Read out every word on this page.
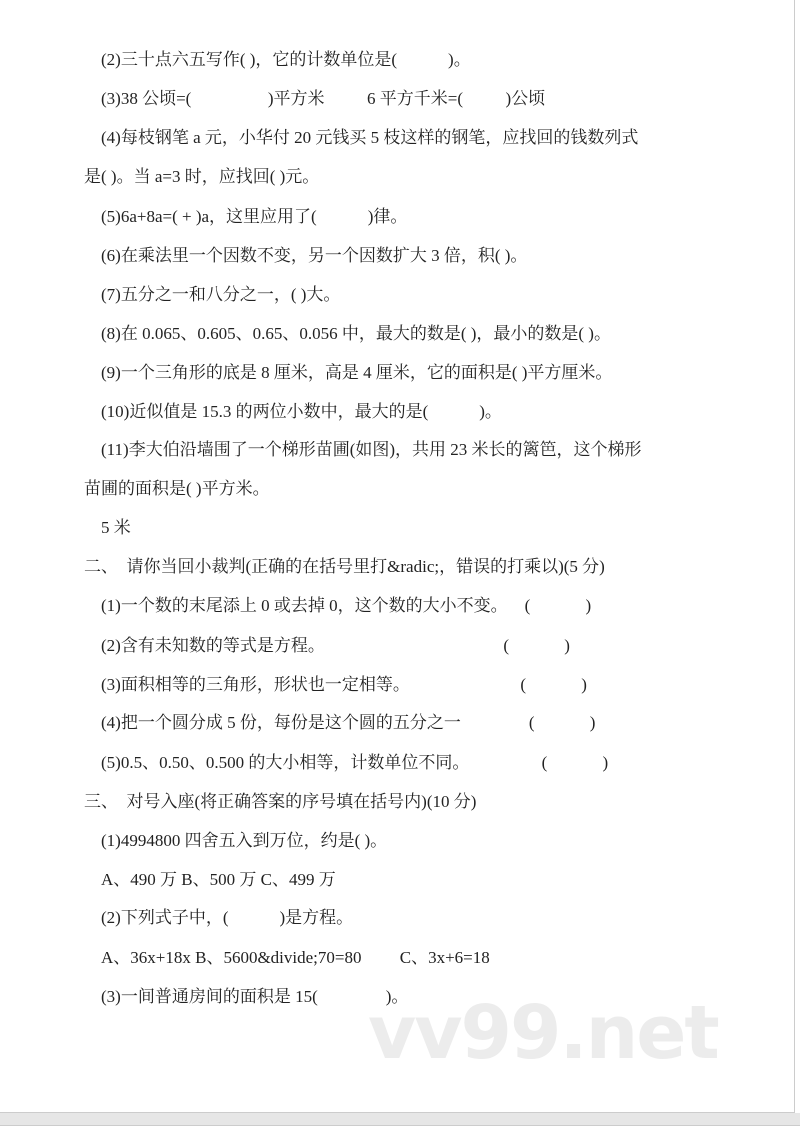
(2)三十点六五写作( )，它的计数单位是(            )。
(3)38 公顷=(                  )平方米          6 平方千米=(          )公顷
(4)每枝钢笔 a 元，小华付 20 元钱买 5 枝这样的钢笔，应找回的钱数列式
是( )。当 a=3 时，应找回( )元。
(5)6a+8a=( + )a，这里应用了(            )律。
(6)在乘法里一个因数不变，另一个因数扩大 3 倍，积( )。
(7)五分之一和八分之一，( )大。
(8)在 0.065、0.605、0.65、0.056 中，最大的数是( )，最小的数是( )。
(9)一个三角形的底是 8 厘米，高是 4 厘米，它的面积是( )平方厘米。
(10)近似值是 15.3 的两位小数中，最大的是(            )。
(11)李大伯沿墙围了一个梯形苗圃(如图)，共用 23 米长的篱笆，这个梯形
苗圃的面积是( )平方米。
5 米
二、  请你当回小裁判(正确的在括号里打&radic;，错误的打乘以)(5 分)
(1)一个数的末尾添上 0 或去掉 0，这个数的大小不变。    (             )
(2)含有未知数的等式是方程。                                          (             )
(3)面积相等的三角形，形状也一定相等。                          (             )
(4)把一个圆分成 5 份，每份是这个圆的五分之一                (             )
(5)0.5、0.50、0.500 的大小相等，计数单位不同。                 (             )
三、  对号入座(将正确答案的序号填在括号内)(10 分)
(1)4994800 四舍五入到万位，约是( )。
A、490 万 B、500 万 C、499 万
(2)下列式子中，(            )是方程。
A、36x+18x B、5600&divide;70=80         C、3x+6=18
(3)一间普通房间的面积是 15(                )。
vv99.net
